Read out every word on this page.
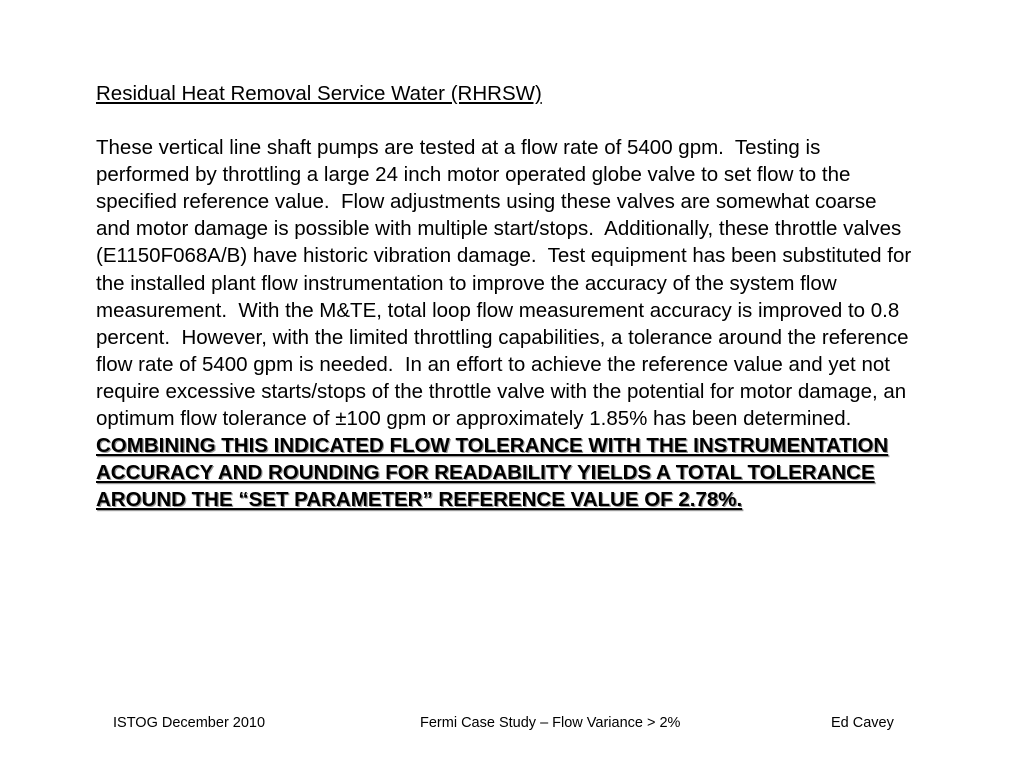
Residual Heat Removal Service Water (RHRSW)

These vertical line shaft pumps are tested at a flow rate of 5400 gpm.  Testing is performed by throttling a large 24 inch motor operated globe valve to set flow to the specified reference value.  Flow adjustments using these valves are somewhat coarse and motor damage is possible with multiple start/stops.  Additionally, these throttle valves (E1150F068A/B) have historic vibration damage.  Test equipment has been substituted for the installed plant flow instrumentation to improve the accuracy of the system flow measurement.  With the M&TE, total loop flow measurement accuracy is improved to 0.8 percent.  However, with the limited throttling capabilities, a tolerance around the reference flow rate of 5400 gpm is needed.  In an effort to achieve the reference value and yet not require excessive starts/stops of the throttle valve with the potential for motor damage, an optimum flow tolerance of ±100 gpm or approximately 1.85% has been determined.  COMBINING THIS INDICATED FLOW TOLERANCE WITH THE INSTRUMENTATION ACCURACY AND ROUNDING FOR READABILITY YIELDS A TOTAL TOLERANCE AROUND THE “SET PARAMETER” REFERENCE VALUE OF 2.78%.

ISTOG December 2010	Fermi Case Study – Flow Variance > 2%	Ed Cavey
